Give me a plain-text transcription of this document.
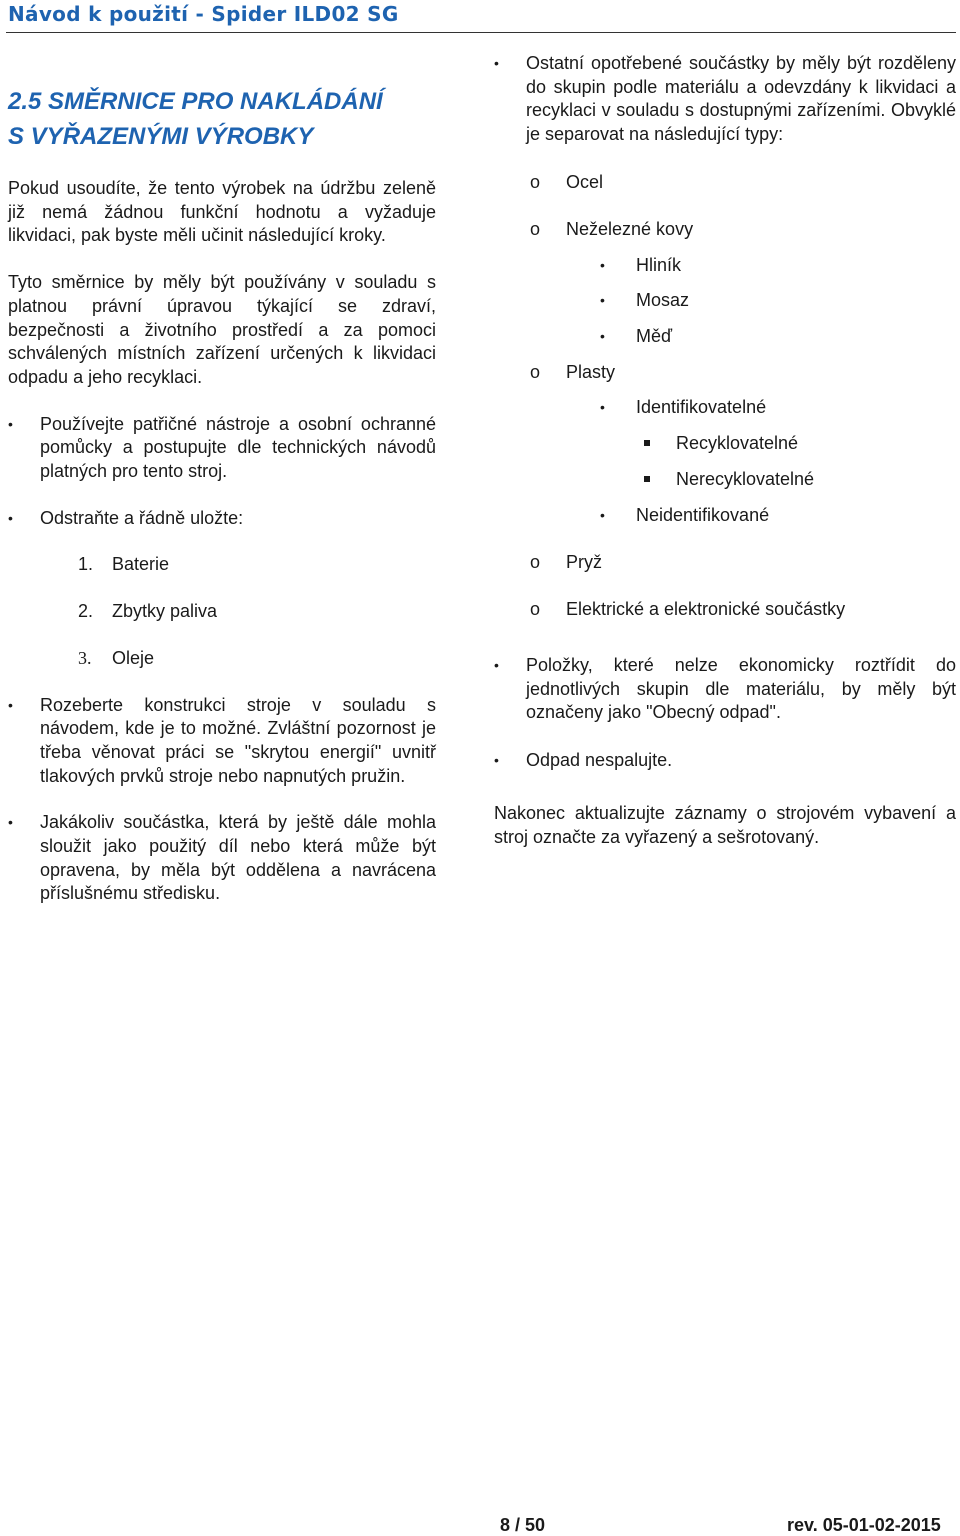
Návod k použití - Spider ILD02 SG
2.5 SMĚRNICE PRO NAKLÁDÁNÍ
S VYŘAZENÝMI VÝROBKY

Pokud usoudíte, že tento výrobek na údržbu zeleně již nemá žádnou funkční hodnotu a vyžaduje likvidaci, pak byste měli učinit následující kroky.

Tyto směrnice by měly být používány v souladu s platnou právní úpravou týkající se zdraví, bezpečnosti a životního prostředí a za pomoci schválených místních zařízení určených k likvidaci odpadu a jeho recyklaci.

•	Používejte patřičné nástroje a osobní ochranné pomůcky a postupujte dle technických návodů platných pro tento stroj.
•	Odstraňte a řádně uložte:
1.	Baterie
2.	Zbytky paliva
3.	Oleje
•	Rozeberte konstrukci stroje v souladu s návodem, kde je to možné. Zvláštní pozornost je třeba věnovat práci se "skrytou energií" uvnitř tlakových prvků stroje nebo napnutých pružin.
•	Jakákoliv součástka, která by ještě dále mohla sloužit jako použitý díl nebo která může být opravena, by měla být oddělena a navrácena příslušnému středisku.
•	Ostatní opotřebené součástky by měly být rozděleny do skupin podle materiálu a odevzdány k likvidaci a recyklaci v souladu s dostupnými zařízeními. Obvyklé je separovat na následující typy:
o Ocel
o Neželezné kovy
• Hliník
• Mosaz
• Měď
o Plasty
• Identifikovatelné
Recyklovatelné
Nerecyklovatelné
• Neidentifikované
o Pryž
o Elektrické a elektronické součástky
•	Položky, které nelze ekonomicky roztřídit do jednotlivých skupin dle materiálu, by měly být označeny jako "Obecný odpad".
•	Odpad nespalujte.

Nakonec aktualizujte záznamy o strojovém vybavení a stroj označte za vyřazený a sešrotovaný.

8 / 50	rev. 05-01-02-2015
